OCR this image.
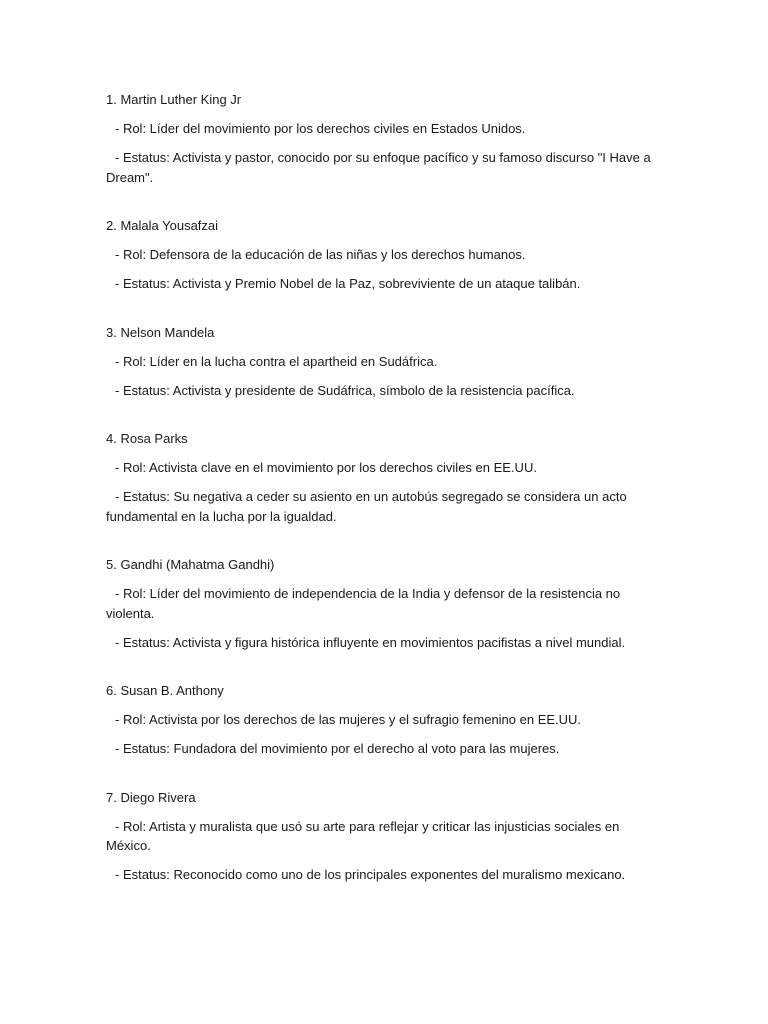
1. Martin Luther King Jr
- Rol: Líder del movimiento por los derechos civiles en Estados Unidos.
- Estatus: Activista y pastor, conocido por su enfoque pacífico y su famoso discurso "I Have a Dream".
2. Malala Yousafzai
- Rol: Defensora de la educación de las niñas y los derechos humanos.
- Estatus: Activista y Premio Nobel de la Paz, sobreviviente de un ataque talibán.
3. Nelson Mandela
- Rol: Líder en la lucha contra el apartheid en Sudáfrica.
- Estatus: Activista y presidente de Sudáfrica, símbolo de la resistencia pacífica.
4. Rosa Parks
- Rol: Activista clave en el movimiento por los derechos civiles en EE.UU.
- Estatus: Su negativa a ceder su asiento en un autobús segregado se considera un acto fundamental en la lucha por la igualdad.
5. Gandhi (Mahatma Gandhi)
- Rol: Líder del movimiento de independencia de la India y defensor de la resistencia no violenta.
- Estatus: Activista y figura histórica influyente en movimientos pacifistas a nivel mundial.
6. Susan B. Anthony
- Rol: Activista por los derechos de las mujeres y el sufragio femenino en EE.UU.
- Estatus: Fundadora del movimiento por el derecho al voto para las mujeres.
7. Diego Rivera
- Rol: Artista y muralista que usó su arte para reflejar y criticar las injusticias sociales en México.
- Estatus: Reconocido como uno de los principales exponentes del muralismo mexicano.
